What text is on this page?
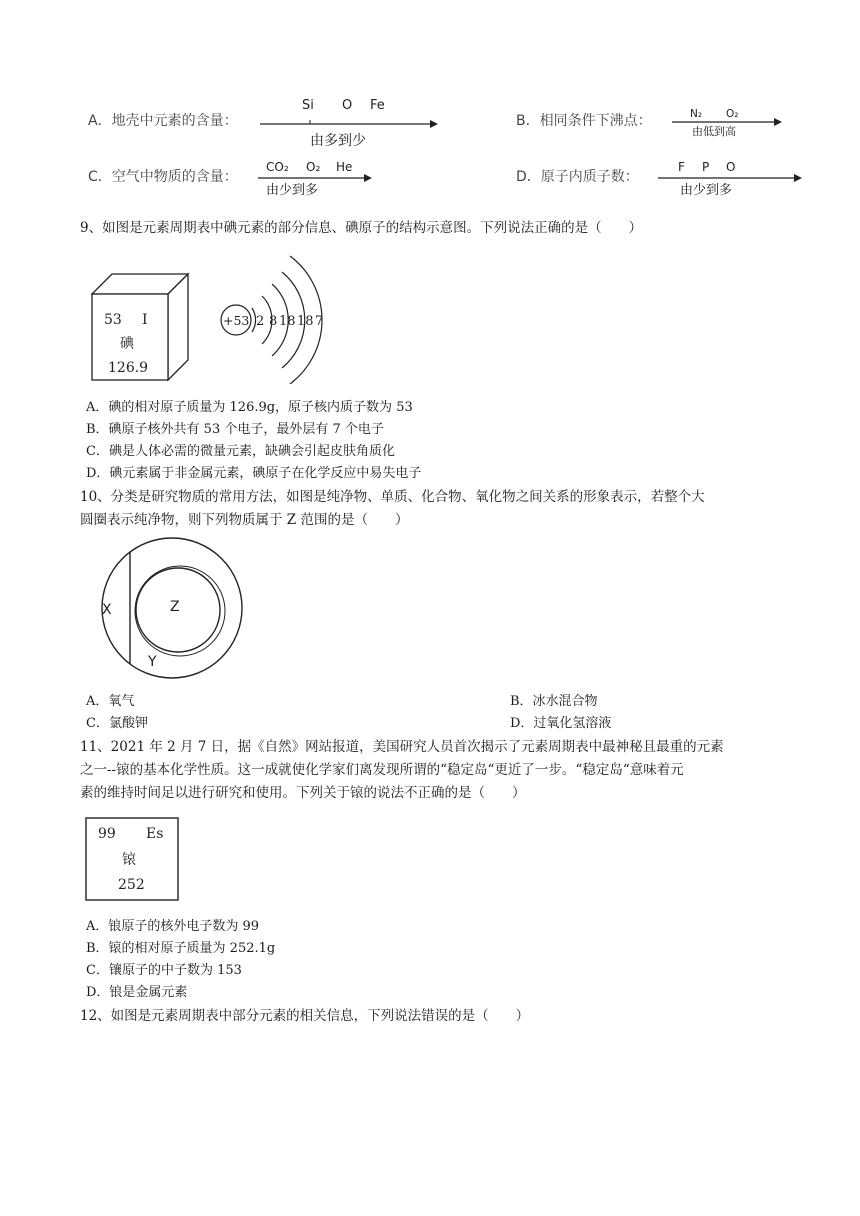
A．地壳中元素的含量：
Si O Fe
由多到少
B．相同条件下沸点：	N₂ O₂
由低到高
C．空气中物质的含量：
CO₂ O₂ He
由少到多
D．原子内质子数：
F P O
由少到多
9、如图是元素周期表中碘元素的部分信息、碘原子的结构示意图。下列说法正确的是（　　）
53 I
碘
126.9
+53 2 8 18 18 7
A．碘的相对原子质量为 126.9g，原子核内质子数为 53
B．碘原子核外共有 53 个电子，最外层有 7 个电子
C．碘是人体必需的微量元素，缺碘会引起皮肤角质化
D．碘元素属于非金属元素，碘原子在化学反应中易失电子
10、分类是研究物质的常用方法，如图是纯净物、单质、化合物、氧化物之间关系的形象表示，若整个大
圆圈表示纯净物，则下列物质属于 Z 范围的是（　　）
X	Z
Y
A．氧气	B．冰水混合物
C．氯酸钾	D．过氧化氢溶液
11、2021 年 2 月 7 日，据《自然》网站报道，美国研究人员首次揭示了元素周期表中最神秘且最重的元素
之一--锿的基本化学性质。这一成就使化学家们离发现所谓的“稳定岛“更近了一步。“稳定岛“意味着元
素的维持时间足以进行研究和使用。下列关于锿的说法不正确的是（　　）
99 Es
锿
252
A．锒原子的核外电子数为 99
B．锿的相对原子质量为 252.1g
C．镶原子的中子数为 153
D．锒是金属元素
12、如图是元素周期表中部分元素的相关信息，下列说法错误的是（　　）
